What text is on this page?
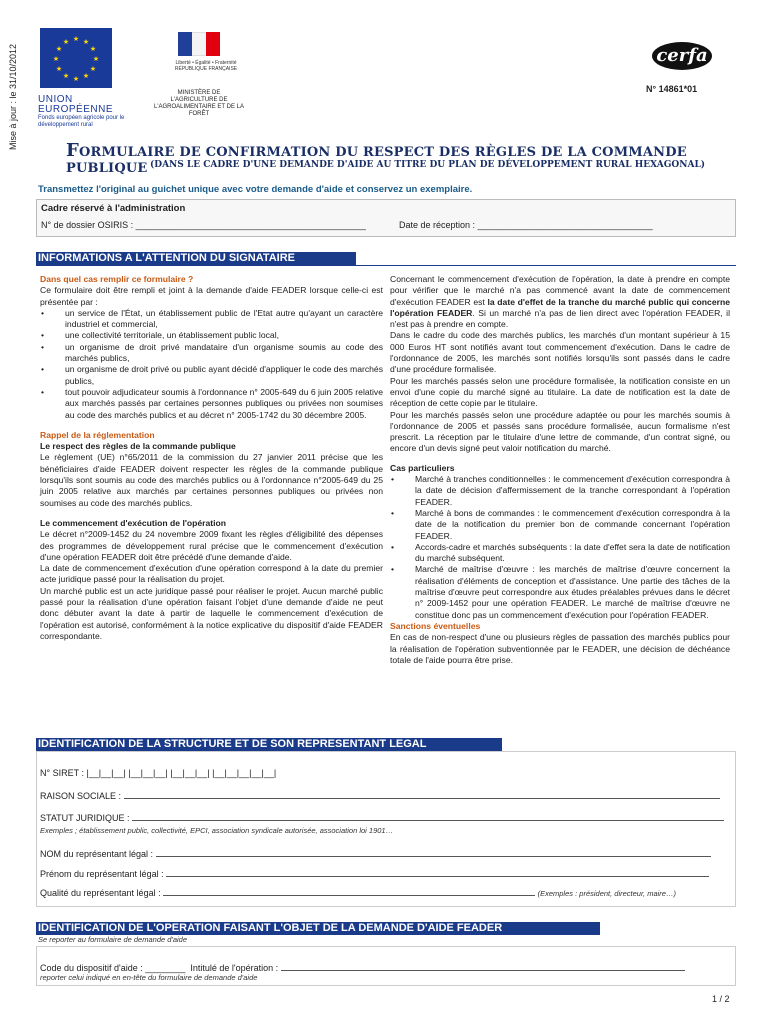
Mise à jour : le 31/10/2012
★ ★
★
★
★
★
★
★
★
★
★
★
UNION EUROPÉENNE
Fonds européen agricole pour le développement rural
Liberté • Égalité • Fraternité RÉPUBLIQUE FRANÇAISE
MINISTÈRE DE L'AGRICULTURE DE L'AGROALIMENTAIRE ET DE LA FORÊT
cerfa
N° 14861*01
FORMULAIRE DE CONFIRMATION DU RESPECT DES RÈGLES DE LA COMMANDE PUBLIQUE (DANS LE CADRE D'UNE DEMANDE D'AIDE AU TITRE DU PLAN DE DÉVELOPPEMENT RURAL HEXAGONAL)
Transmettez l'original au guichet unique avec votre demande d'aide et conservez un exemplaire.
Cadre réservé à l'administration
N° de dossier OSIRIS : ______________________________________________	Date de réception : ___________________________________
INFORMATIONS A L'ATTENTION DU SIGNATAIRE

Dans quel cas remplir ce formulaire ?

Ce formulaire doit être rempli et joint à la demande d'aide FEADER lorsque celle-ci est présentée par :

• un service de l'État, un établissement public de l'Etat autre qu'ayant un caractère industriel et commercial,
• une collectivité territoriale, un établissement public local,
• un organisme de droit privé mandataire d'un organisme soumis au code des marchés publics,
• un organisme de droit privé ou public ayant décidé d'appliquer le code des marchés publics,
• tout pouvoir adjudicateur soumis à l'ordonnance n° 2005-649 du 6 juin 2005 relative aux marchés passés par certaines personnes publiques ou privées non soumises au code des marchés publics et au décret n° 2005-1742 du 30 décembre 2005.

Rappel de la réglementation

Le respect des règles de la commande publique

Le règlement (UE) n°65/2011 de la commission du 27 janvier 2011 précise que les bénéficiaires d'aide FEADER doivent respecter les règles de la commande publique lorsqu'ils sont soumis au code des marchés publics ou à l'ordonnance n°2005-649 du 25 juin 2005 relative aux marchés par certaines personnes publiques ou privées non soumises au code des marchés publics.

Le commencement d'exécution de l'opération

Le décret n°2009-1452 du 24 novembre 2009 fixant les règles d'éligibilité des dépenses des programmes de développement rural précise que le commencement d'exécution d'une opération FEADER doit être précédé d'une demande d'aide.

La date de commencement d'exécution d'une opération correspond à la date du premier acte juridique passé pour la réalisation du projet.

Un marché public est un acte juridique passé pour réaliser le projet. Aucun marché public passé pour la réalisation d'une opération faisant l'objet d'une demande d'aide ne peut donc débuter avant la date à partir de laquelle le commencement d'exécution de l'opération est autorisé, conformément à la notice explicative du dispositif d'aide FEADER correspondante.

Concernant le commencement d'exécution de l'opération, la date à prendre en compte pour vérifier que le marché n'a pas commencé avant la date de commencement d'exécution FEADER est la date d'effet de la tranche du marché public qui concerne l'opération FEADER. Si un marché n'a pas de lien direct avec l'opération FEADER, il n'est pas à prendre en compte.

Dans le cadre du code des marchés publics, les marchés d'un montant supérieur à 15 000 Euros HT sont notifiés avant tout commencement d'exécution. Dans le cadre de l'ordonnance de 2005, les marchés sont notifiés lorsqu'ils sont passés dans le cadre d'une procédure formalisée.

Pour les marchés passés selon une procédure formalisée, la notification consiste en un envoi d'une copie du marché signé au titulaire. La date de notification est la date de réception de cette copie par le titulaire.

Pour les marchés passés selon une procédure adaptée ou pour les marchés soumis à l'ordonnance de 2005 et passés sans procédure formalisée, aucun formalisme n'est prescrit. La réception par le titulaire d'une lettre de commande, d'un contrat signé, ou encore d'un devis signé peut valoir notification du marché.

Cas particuliers

• Marché à tranches conditionnelles : le commencement d'exécution correspondra à la date de décision d'affermissement de la tranche correspondant à l'opération FEADER.
• Marché à bons de commandes : le commencement d'exécution correspondra à la date de la notification du premier bon de commande concernant l'opération FEADER.
• Accords-cadre et marchés subséquents : la date d'effet sera la date de notification du marché subséquent.
• Marché de maîtrise d'œuvre : les marchés de maîtrise d'œuvre concernent la réalisation d'éléments de conception et d'assistance. Une partie des tâches de la maîtrise d'œuvre peut correspondre aux études préalables prévues dans le décret n° 2009-1452 pour une opération FEADER. Le marché de maîtrise d'œuvre ne constitue donc pas un commencement d'exécution pour l'opération FEADER.

Sanctions éventuelles

En cas de non-respect d'une ou plusieurs règles de passation des marchés publics pour la réalisation de l'opération subventionnée par le FEADER, une décision de déchéance totale de l'aide pourra être prise.

IDENTIFICATION DE LA STRUCTURE ET DE SON REPRESENTANT LEGAL
N° SIRET : |__|__|__| |__|__|__| |__|__|__| |__|__|__|__|__|
RAISON SOCIALE :
STATUT JURIDIQUE :
Exemples ; établissement public, collectivité, EPCI, association syndicale autorisée, association loi 1901…
NOM du représentant légal :
Prénom du représentant légal :
Qualité du représentant légal :	(Exemples : président, directeur, maire…)
IDENTIFICATION DE L'OPERATION FAISANT L'OBJET DE LA DEMANDE D'AIDE FEADER
Se reporter au formulaire de demande d'aide
Code du dispositif d'aide : ________ Intitulé de l'opération :
reporter celui indiqué en en-tête du formulaire de demande d'aide
1 / 2
